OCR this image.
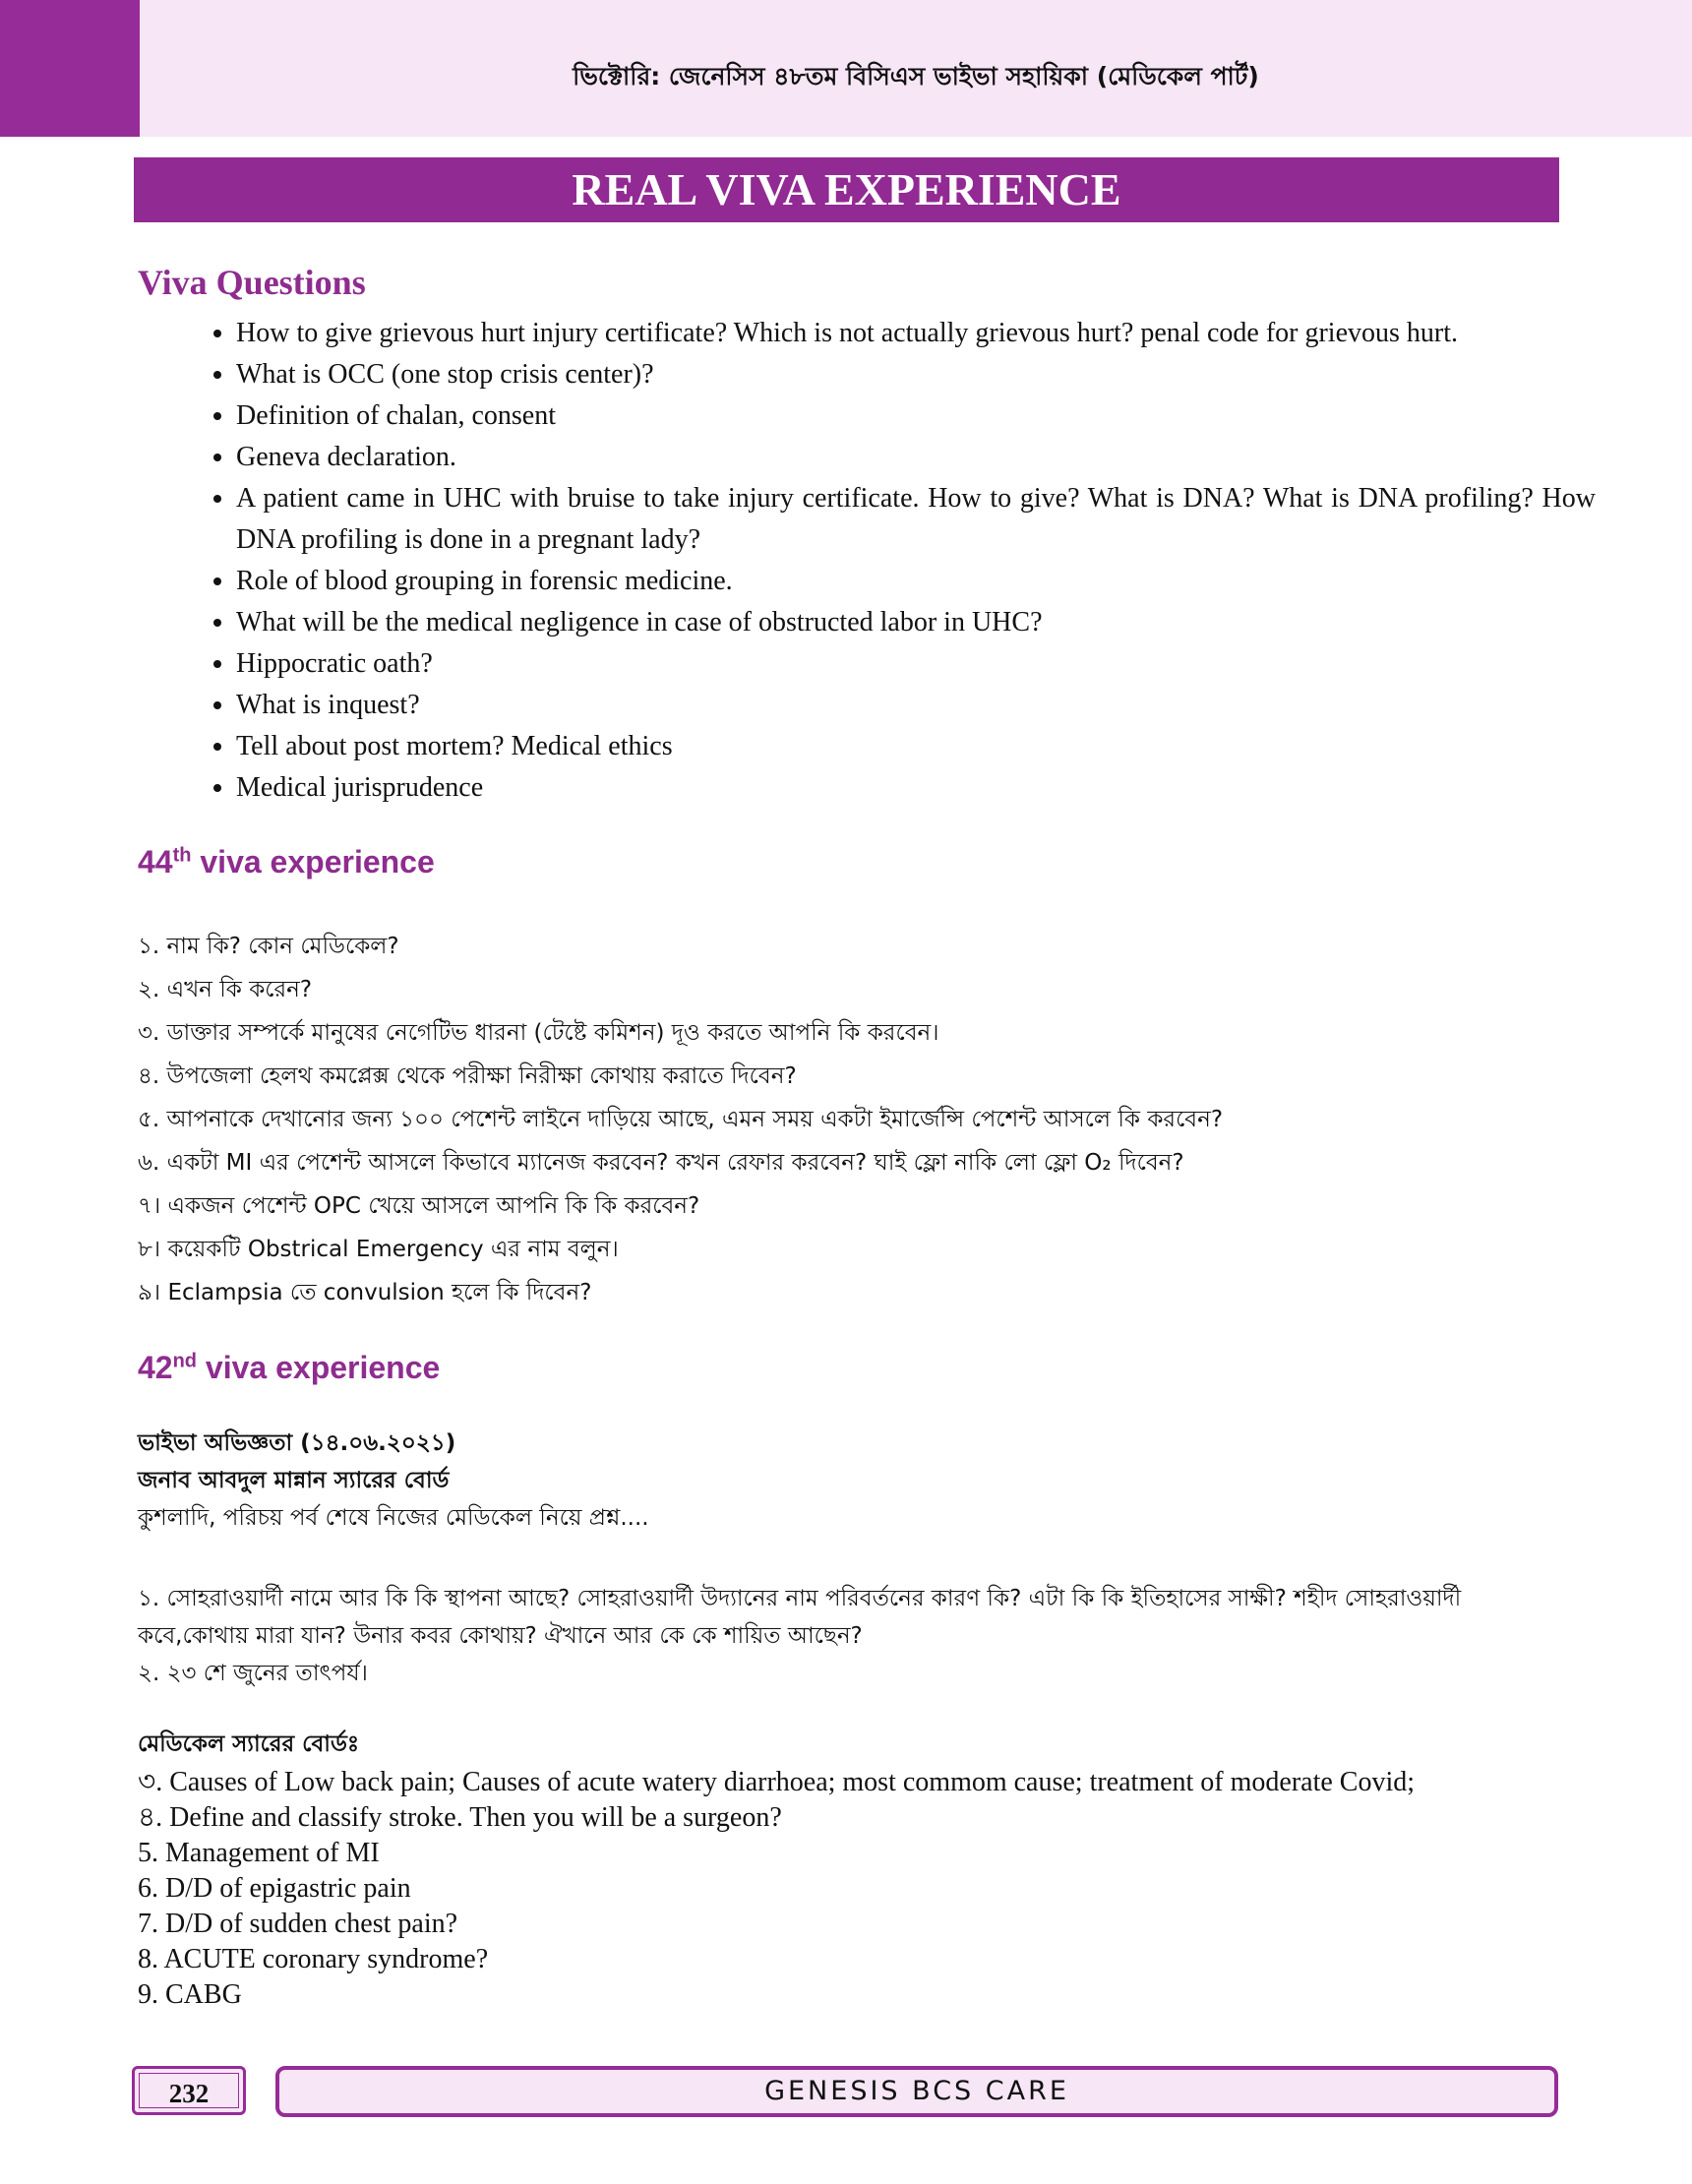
ভিক্টোরি: জেনেসিস ৪৮তম বিসিএস ভাইভা সহায়িকা (মেডিকেল পার্ট)
REAL VIVA EXPERIENCE
Viva Questions
• How to give grievous hurt injury certificate? Which is not actually grievous hurt? penal code for grievous hurt.
• What is OCC (one stop crisis center)?
• Definition of chalan, consent
• Geneva declaration.
• A patient came in UHC with bruise to take injury certificate. How to give? What is DNA? What is DNA profiling? How DNA profiling is done in a pregnant lady?
• Role of blood grouping in forensic medicine.
• What will be the medical negligence in case of obstructed labor in UHC?
• Hippocratic oath?
• What is inquest?
• Tell about post mortem? Medical ethics
• Medical jurisprudence
44th viva experience
১. নাম কি? কোন মেডিকেল?
২. এখন কি করেন?
৩. ডাক্তার সম্পর্কে মানুষের নেগেটিভ ধারনা (টেষ্টে কমিশন) দূও করতে আপনি কি করবেন।
৪. উপজেলা হেলথ কমপ্লেক্স থেকে পরীক্ষা নিরীক্ষা কোথায় করাতে দিবেন?
৫. আপনাকে দেখানোর জন্য ১০০ পেশেন্ট লাইনে দাড়িয়ে আছে, এমন সময় একটা ইমার্জেন্সি পেশেন্ট আসলে কি করবেন?
৬. একটা MI এর পেশেন্ট আসলে কিভাবে ম্যানেজ করবেন? কখন রেফার করবেন? ঘাই ফ্লো নাকি লো ফ্লো O₂ দিবেন?
৭। একজন পেশেন্ট OPC খেয়ে আসলে আপনি কি কি করবেন?
৮। কয়েকটি Obstrical Emergency এর নাম বলুন।
৯। Eclampsia তে convulsion হলে কি দিবেন?
42nd viva experience
ভাইভা অভিজ্ঞতা (১৪.০৬.২০২১)
জনাব আবদুল মান্নান স্যারের বোর্ড
কুশলাদি, পরিচয় পর্ব শেষে নিজের মেডিকেল নিয়ে প্রশ্ন....
১. সোহরাওয়ার্দী নামে আর কি কি স্থাপনা আছে? সোহরাওয়ার্দী উদ্যানের নাম পরিবর্তনের কারণ কি? এটা কি কি ইতিহাসের সাক্ষী? শহীদ সোহরাওয়ার্দী কবে,কোথায় মারা যান? উনার কবর কোথায়? ঐখানে আর কে কে শায়িত আছেন?
২. ২৩ শে জুনের তাৎপর্য।
মেডিকেল স্যারের বোর্ডঃ
৩. Causes of Low back pain; Causes of acute watery diarrhoea; most commom cause; treatment of moderate Covid;
৪. Define and classify stroke. Then you will be a surgeon?
5. Management of MI
6. D/D of epigastric pain
7. D/D of sudden chest pain?
8. ACUTE coronary syndrome?
9. CABG
232	GENESIS BCS CARE
